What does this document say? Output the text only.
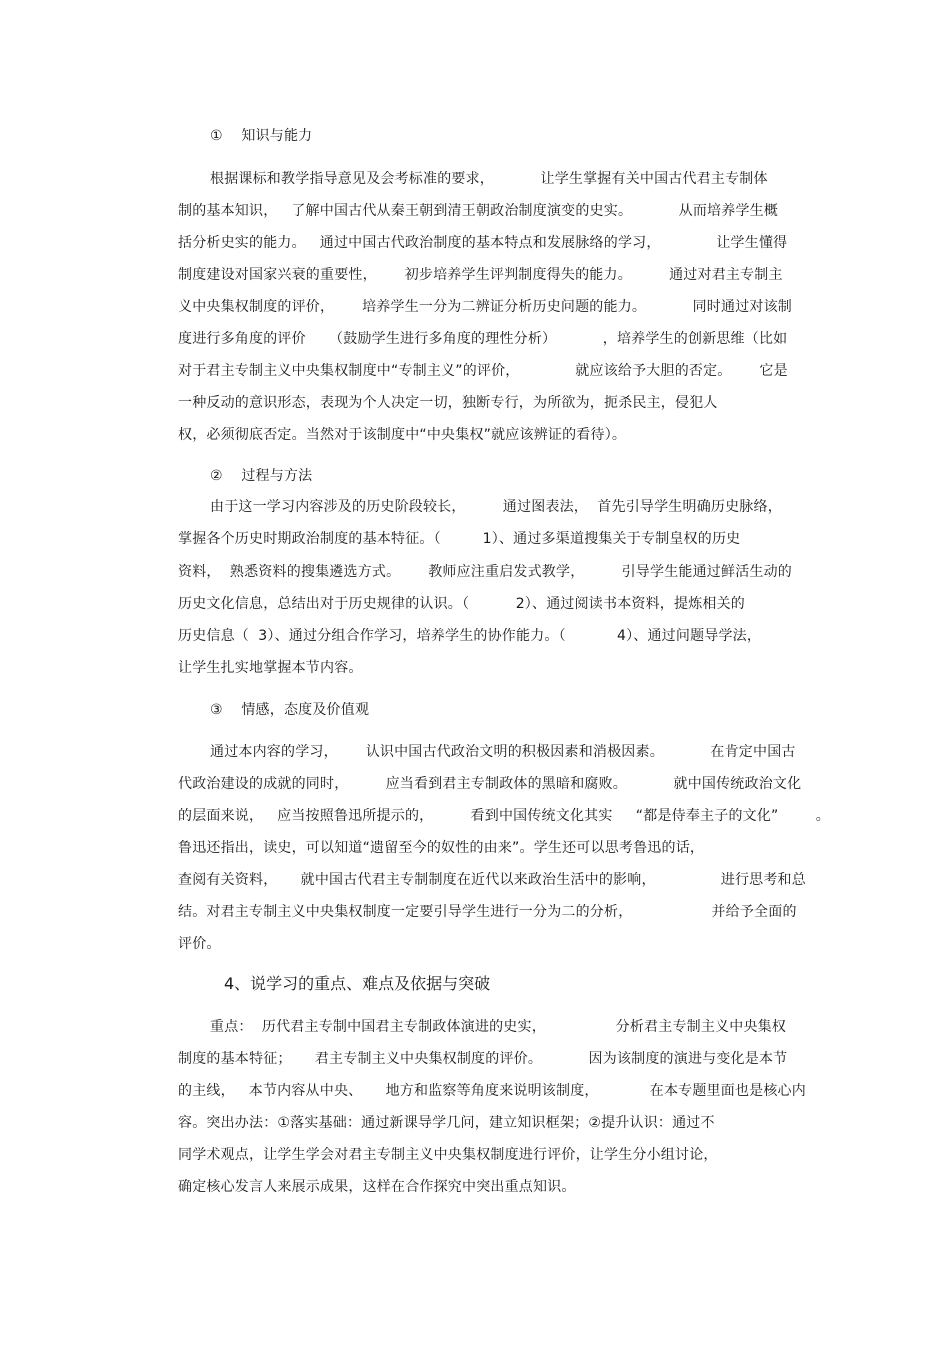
①    知识与能力
根据课标和教学指导意见及会考标准的要求，          让学生掌握有关中国古代君主专制体
制的基本知识，   了解中国古代从秦王朝到清王朝政治制度演变的史实。          从而培养学生概
括分析史实的能力。   通过中国古代政治制度的基本特点和发展脉络的学习，            让学生懂得
制度建设对国家兴衰的重要性，      初步培养学生评判制度得失的能力。        通过对君主专制主
义中央集权制度的评价，      培养学生一分为二辨证分析历史问题的能力。          同时通过对该制
度进行多角度的评价     （鼓励学生进行多角度的理性分析）          ，培养学生的创新思维（比如
对于君主专制主义中央集权制度中“专制主义”的评价，            就应该给予大胆的否定。      它是
一种反动的意识形态，表现为个人决定一切，独断专行，为所欲为，扼杀民主，侵犯人
权，必须彻底否定。当然对于该制度中“中央集权”就应该辨证的看待）。
②    过程与方法
由于这一学习内容涉及的历史阶段较长，        通过图表法，  首先引导学生明确历史脉络，
掌握各个历史时期政治制度的基本特征。（         1）、通过多渠道搜集关于专制皇权的历史
资料，  熟悉资料的搜集遴选方式。      教师应注重启发式教学，        引导学生能通过鲜活生动的
历史文化信息，总结出对于历史规律的认识。（          2）、通过阅读书本资料，提炼相关的
历史信息（  3）、通过分组合作学习，培养学生的协作能力。（           4）、通过问题导学法，
让学生扎实地掌握本节内容。
③    情感，态度及价值观
通过本内容的学习，      认识中国古代政治文明的积极因素和消极因素。          在肯定中国古
代政治建设的成就的同时，        应当看到君主专制政体的黑暗和腐败。          就中国传统政治文化
的层面来说，   应当按照鲁迅所提示的，        看到中国传统文化其实     “都是侍奉主子的文化”        。
鲁迅还指出，读史，可以知道“遗留至今的奴性的由来”。学生还可以思考鲁迅的话，
查阅有关资料，     就中国古代君主专制制度在近代以来政治生活中的影响，              进行思考和总
结。对君主专制主义中央集权制度一定要引导学生进行一分为二的分析，                 并给予全面的
评价。
4、说学习的重点、难点及依据与突破
重点：  历代君主专制中国君主专制政体演进的史实，               分析君主专制主义中央集权
制度的基本特征；     君主专制主义中央集权制度的评价。          因为该制度的演进与变化是本节
的主线，   本节内容从中央、     地方和监察等角度来说明该制度，           在本专题里面也是核心内
容。突出办法：①落实基础：通过新课导学几问，建立知识框架；②提升认识：通过不
同学术观点，让学生学会对君主专制主义中央集权制度进行评价，让学生分小组讨论，
确定核心发言人来展示成果，这样在合作探究中突出重点知识。
